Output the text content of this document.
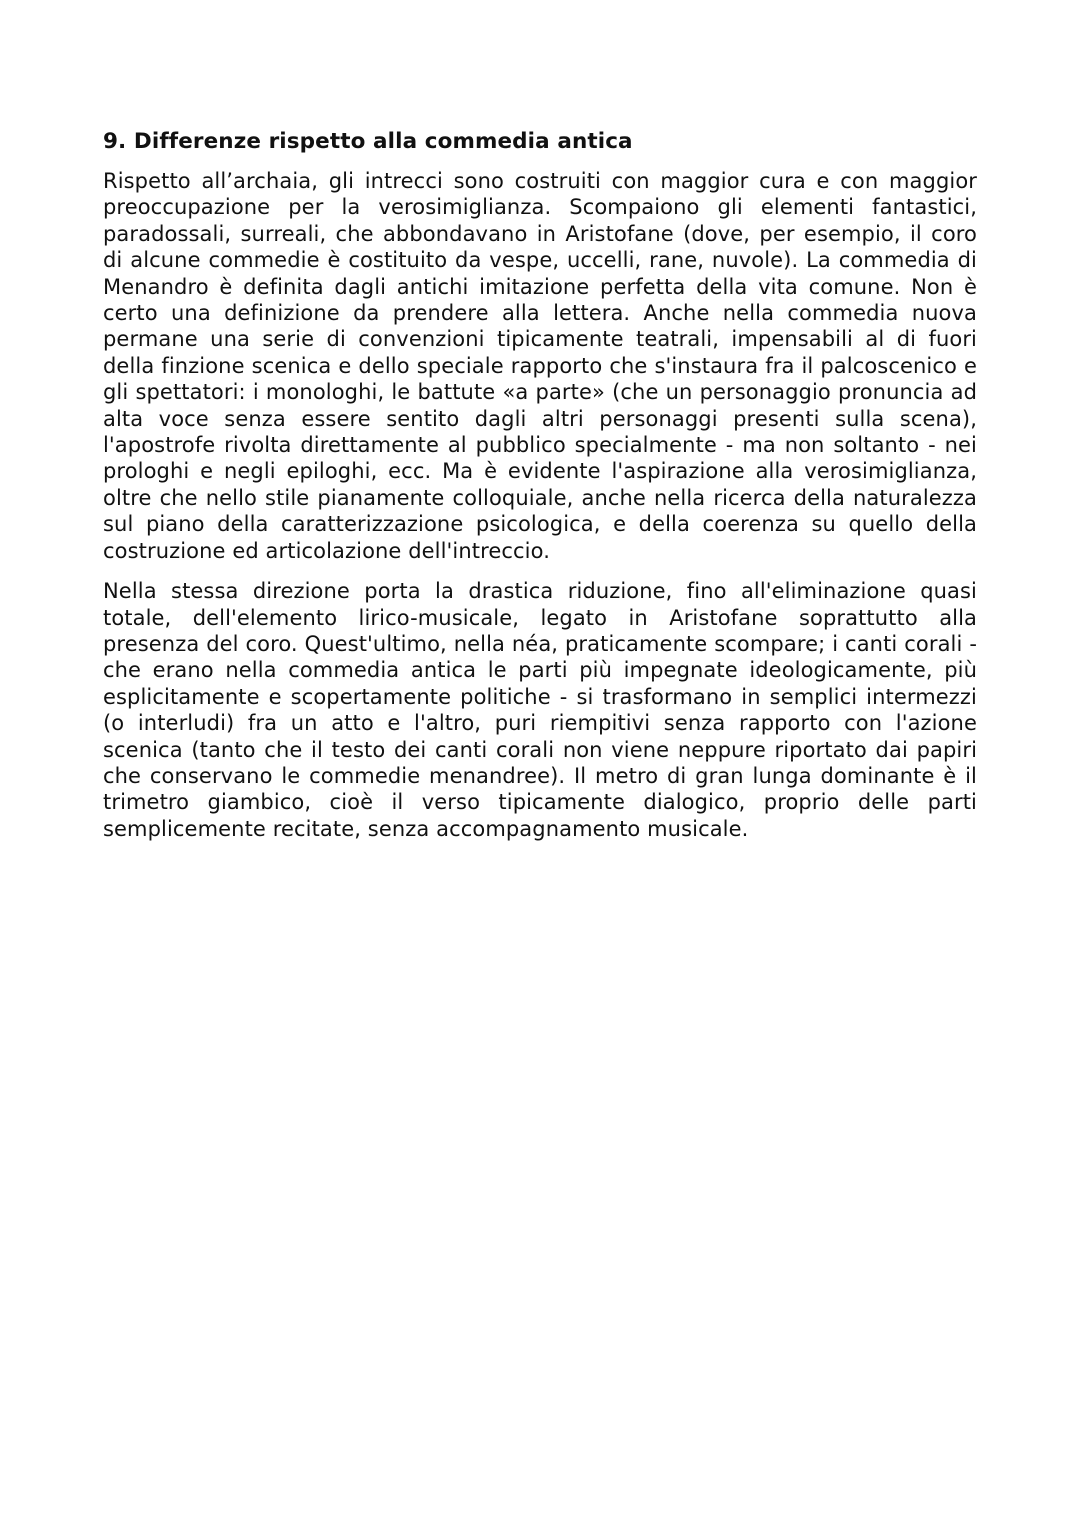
9. Differenze rispetto alla commedia antica

Rispetto all’archaia, gli intrecci sono costruiti con maggior cura e con maggior preoccupazione per la verosimiglianza. Scompaiono gli elementi fantastici, paradossali, surreali, che abbondavano in Aristofane (dove, per esempio, il coro di alcune commedie è costituito da vespe, uccelli, rane, nuvole). La commedia di Menandro è definita dagli antichi imitazione perfetta della vita comune. Non è certo una definizione da prendere alla lettera. Anche nella commedia nuova permane una serie di convenzioni tipicamente teatrali, impensabili al di fuori della finzione scenica e dello speciale rapporto che s'instaura fra il palcoscenico e gli spettatori: i monologhi, le battute «a parte» (che un personaggio pronuncia ad alta voce senza essere sentito dagli altri personaggi presenti sulla scena), l'apostrofe rivolta direttamente al pubblico specialmente - ma non soltanto - nei prologhi e negli epiloghi, ecc. Ma è evidente l'aspirazione alla verosimiglianza, oltre che nello stile pianamente colloquiale, anche nella ricerca della naturalezza sul piano della caratterizzazione psicologica, e della coerenza su quello della costruzione ed articolazione dell'intreccio.

Nella stessa direzione porta la drastica riduzione, fino all'eliminazione quasi totale, dell'elemento lirico-musicale, legato in Aristofane soprattutto alla presenza del coro. Quest'ultimo, nella néa, praticamente scompare; i canti corali - che erano nella commedia antica le parti più impegnate ideologicamente, più esplicitamente e scopertamente politiche - si trasformano in semplici intermezzi (o interludi) fra un atto e l'altro, puri riempitivi senza rapporto con l'azione scenica (tanto che il testo dei canti corali non viene neppure riportato dai papiri che conservano le commedie menandree). Il metro di gran lunga dominante è il trimetro giambico, cioè il verso tipicamente dialogico, proprio delle parti semplicemente recitate, senza accompagnamento musicale.
